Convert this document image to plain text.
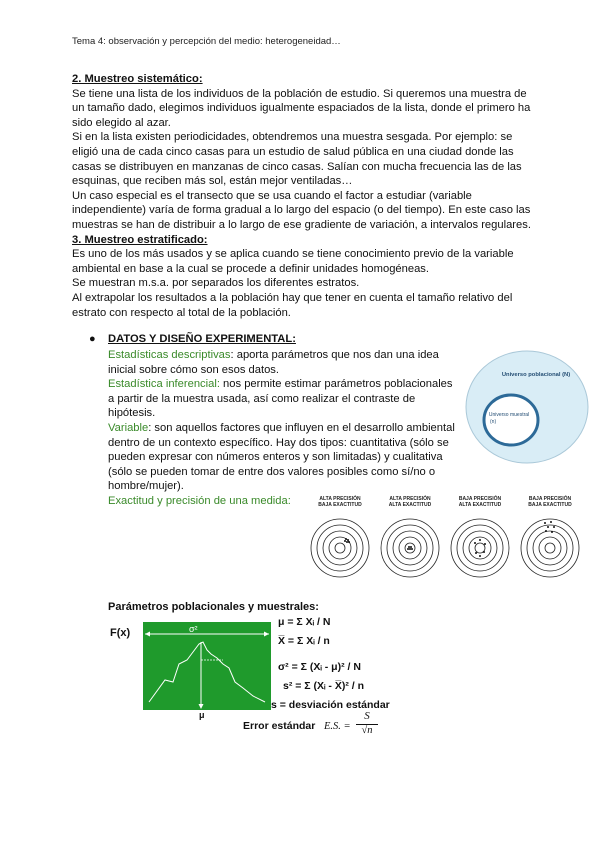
Tema 4: observación y percepción del medio: heterogeneidad…
2. Muestreo sistemático:
Se tiene una lista de los individuos de la población de estudio. Si queremos una muestra de
un tamaño dado, elegimos individuos igualmente espaciados de la lista, donde el primero ha
sido elegido al azar.
Si en la lista existen periodicidades, obtendremos una muestra sesgada. Por ejemplo: se
eligió una de cada cinco casas para un estudio de salud pública en una ciudad donde las
casas se distribuyen en manzanas de cinco casas. Salían con mucha frecuencia las de las
esquinas, que reciben más sol, están mejor ventiladas…
Un caso especial es el transecto que se usa cuando el factor a estudiar (variable
independiente) varía de forma gradual a lo largo del espacio (o del tiempo). En este caso las
muestras se han de distribuir a lo largo de ese gradiente de variación, a intervalos regulares.
3. Muestreo estratificado:
Es uno de los más usados y se aplica cuando se tiene conocimiento previo de la variable
ambiental en base a la cual se procede a definir unidades homogéneas.
Se muestran m.s.a. por separados los diferentes estratos.
Al extrapolar los resultados a la población hay que tener en cuenta el tamaño relativo del
estrato con respecto al total de la población.
● DATOS Y DISEÑO EXPERIMENTAL:
Estadísticas descriptivas: aporta parámetros que nos dan una idea
inicial sobre cómo son esos datos.
Estadística inferencial: nos permite estimar parámetros poblacionales
a partir de la muestra usada, así como realizar el contraste de
hipótesis.
Variable: son aquellos factores que influyen en el desarrollo ambiental
dentro de un contexto específico. Hay dos tipos: cuantitativa (sólo se
pueden expresar con números enteros y son limitadas) y cualitativa
(sólo se pueden tomar de entre dos valores posibles como sí/no o
hombre/mujer).
Exactitud y precisión de una medida:
Universo poblacional (N)
Universo muestral
(n)
ALTA PRECISIÓN
BAJA EXACTITUD
ALTA PRECISIÓN
ALTA EXACTITUD
BAJA PRECISIÓN
ALTA EXACTITUD
BAJA PRECISIÓN
BAJA EXACTITUD
Parámetros poblacionales y muestrales:
F(x)	σ²
μ
μ = Σ Xᵢ / N
X̅ = Σ Xᵢ / n
σ² = Σ (Xᵢ - μ)² / N
s² = Σ (Xᵢ - X̅)² / n
s = desviación estándar
Error estándar E.S. =
S
√n
